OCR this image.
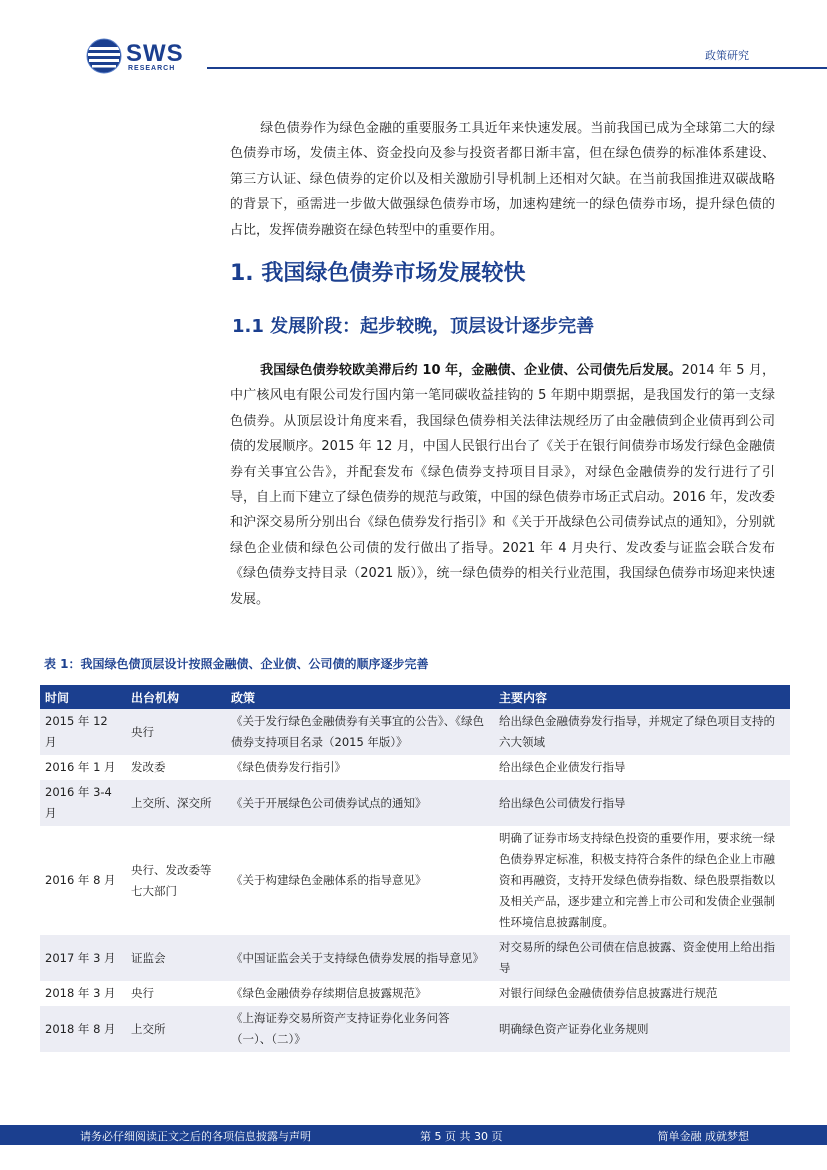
SWS
RESEARCH
政策研究

绿色债券作为绿色金融的重要服务工具近年来快速发展。当前我国已成为全球第二大的绿色债券市场，发债主体、资金投向及参与投资者都日渐丰富，但在绿色债券的标准体系建设、第三方认证、绿色债券的定价以及相关激励引导机制上还相对欠缺。在当前我国推进双碳战略的背景下，亟需进一步做大做强绿色债券市场，加速构建统一的绿色债券市场，提升绿色债的占比，发挥债券融资在绿色转型中的重要作用。

1. 我国绿色债券市场发展较快
1.1 发展阶段：起步较晚，顶层设计逐步完善

我国绿色债券较欧美滞后约 10 年，金融债、企业债、公司债先后发展。2014 年 5 月，中广核风电有限公司发行国内第一笔同碳收益挂钩的 5 年期中期票据，是我国发行的第一支绿色债券。从顶层设计角度来看，我国绿色债券相关法律法规经历了由金融债到企业债再到公司债的发展顺序。2015 年 12 月，中国人民银行出台了《关于在银行间债券市场发行绿色金融债券有关事宜公告》，并配套发布《绿色债券支持项目目录》，对绿色金融债券的发行进行了引导，自上而下建立了绿色债券的规范与政策，中国的绿色债券市场正式启动。2016 年，发改委和沪深交易所分别出台《绿色债券发行指引》和《关于开战绿色公司债券试点的通知》，分别就绿色企业债和绿色公司债的发行做出了指导。2021 年 4 月央行、发改委与证监会联合发布《绿色债券支持目录（2021 版）》，统一绿色债券的相关行业范围，我国绿色债券市场迎来快速发展。

表 1：我国绿色债顶层设计按照金融债、企业债、公司债的顺序逐步完善
时间	出台机构	政策	主要内容
2015 年 12 月	央行	《关于发行绿色金融债券有关事宜的公告》、《绿色债券支持项目名录（2015 年版）》	给出绿色金融债券发行指导，并规定了绿色项目支持的六大领域
2016 年 1 月	发改委	《绿色债券发行指引》	给出绿色企业债发行指导
2016 年 3-4 月	上交所、深交所	《关于开展绿色公司债券试点的通知》	给出绿色公司债发行指导
2016 年 8 月	央行、发改委等七大部门	《关于构建绿色金融体系的指导意见》	明确了证券市场支持绿色投资的重要作用，要求统一绿色债券界定标准，积极支持符合条件的绿色企业上市融资和再融资，支持开发绿色债券指数、绿色股票指数以及相关产品，逐步建立和完善上市公司和发债企业强制性环境信息披露制度。
2017 年 3 月	证监会	《中国证监会关于支持绿色债券发展的指导意见》	对交易所的绿色公司债在信息披露、资金使用上给出指导
2018 年 3 月	央行	《绿色金融债券存续期信息披露规范》	对银行间绿色金融债债券信息披露进行规范
2018 年 8 月	上交所	《上海证券交易所资产支持证券化业务问答（一）、（二）》	明确绿色资产证券化业务规则
请务必仔细阅读正文之后的各项信息披露与声明	第 5 页 共 30 页	简单金融 成就梦想
